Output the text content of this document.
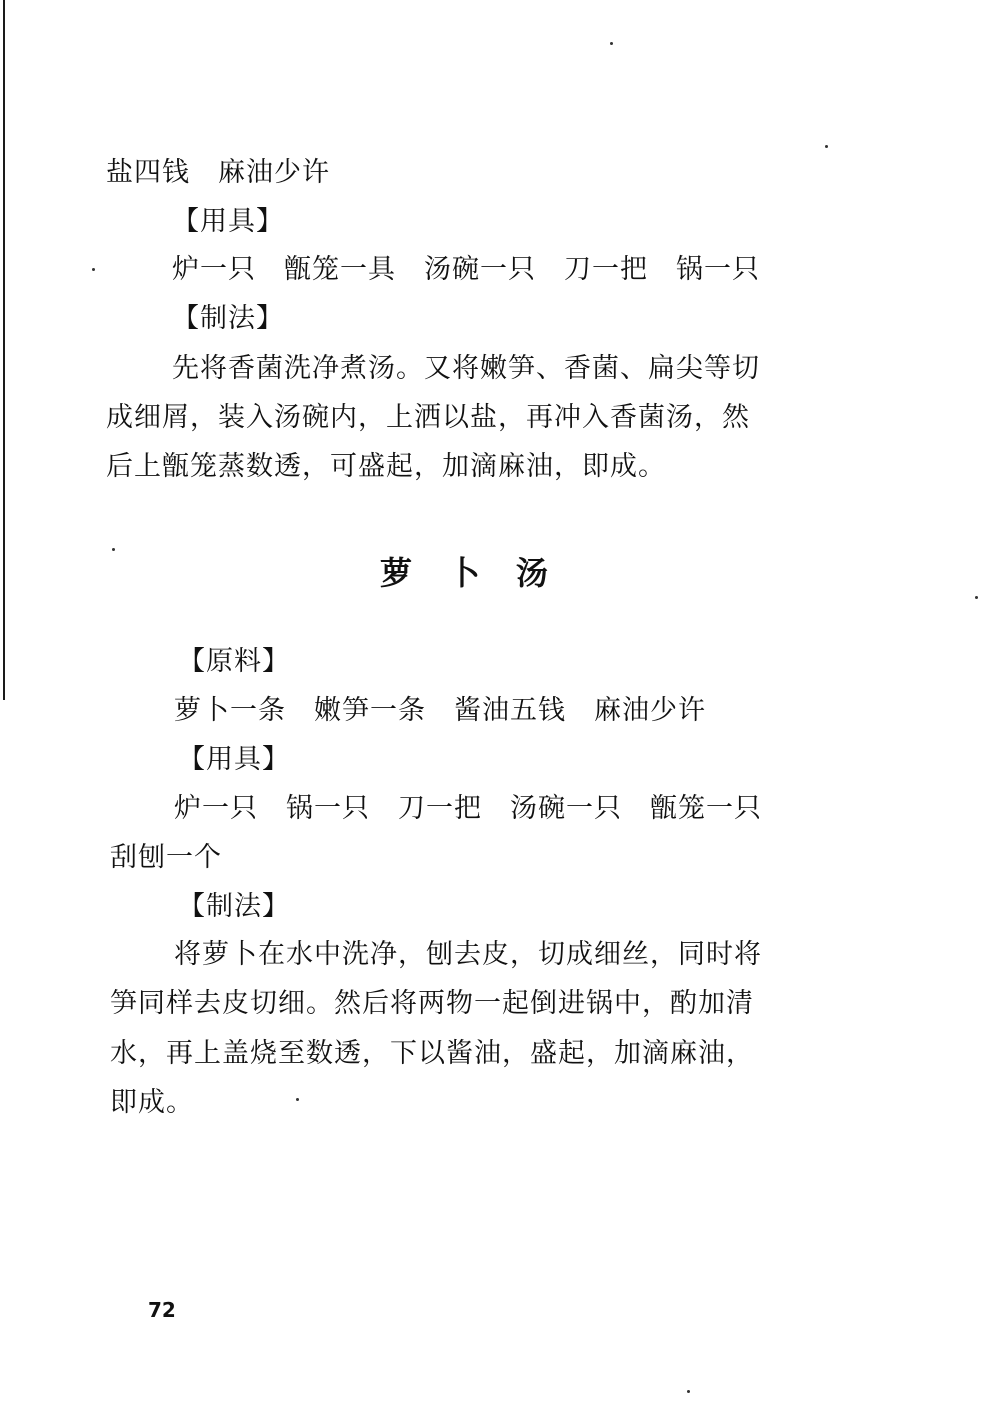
盐四钱　麻油少许

【用具】

炉一只　甑笼一具　汤碗一只　刀一把　锅一只

【制法】

先将香菌洗净煮汤。又将嫩笋、香菌、扁尖等切

成细屑，装入汤碗内，上洒以盐，再冲入香菌汤，然

后上甑笼蒸数透，可盛起，加滴麻油，即成。

萝　卜　汤

【原料】

萝卜一条　嫩笋一条　酱油五钱　麻油少许

【用具】

炉一只　锅一只　刀一把　汤碗一只　甑笼一只

刮刨一个

【制法】

将萝卜在水中洗净，刨去皮，切成细丝，同时将

笋同样去皮切细。然后将两物一起倒进锅中，酌加清

水，再上盖烧至数透，下以酱油，盛起，加滴麻油，

即成。

72
